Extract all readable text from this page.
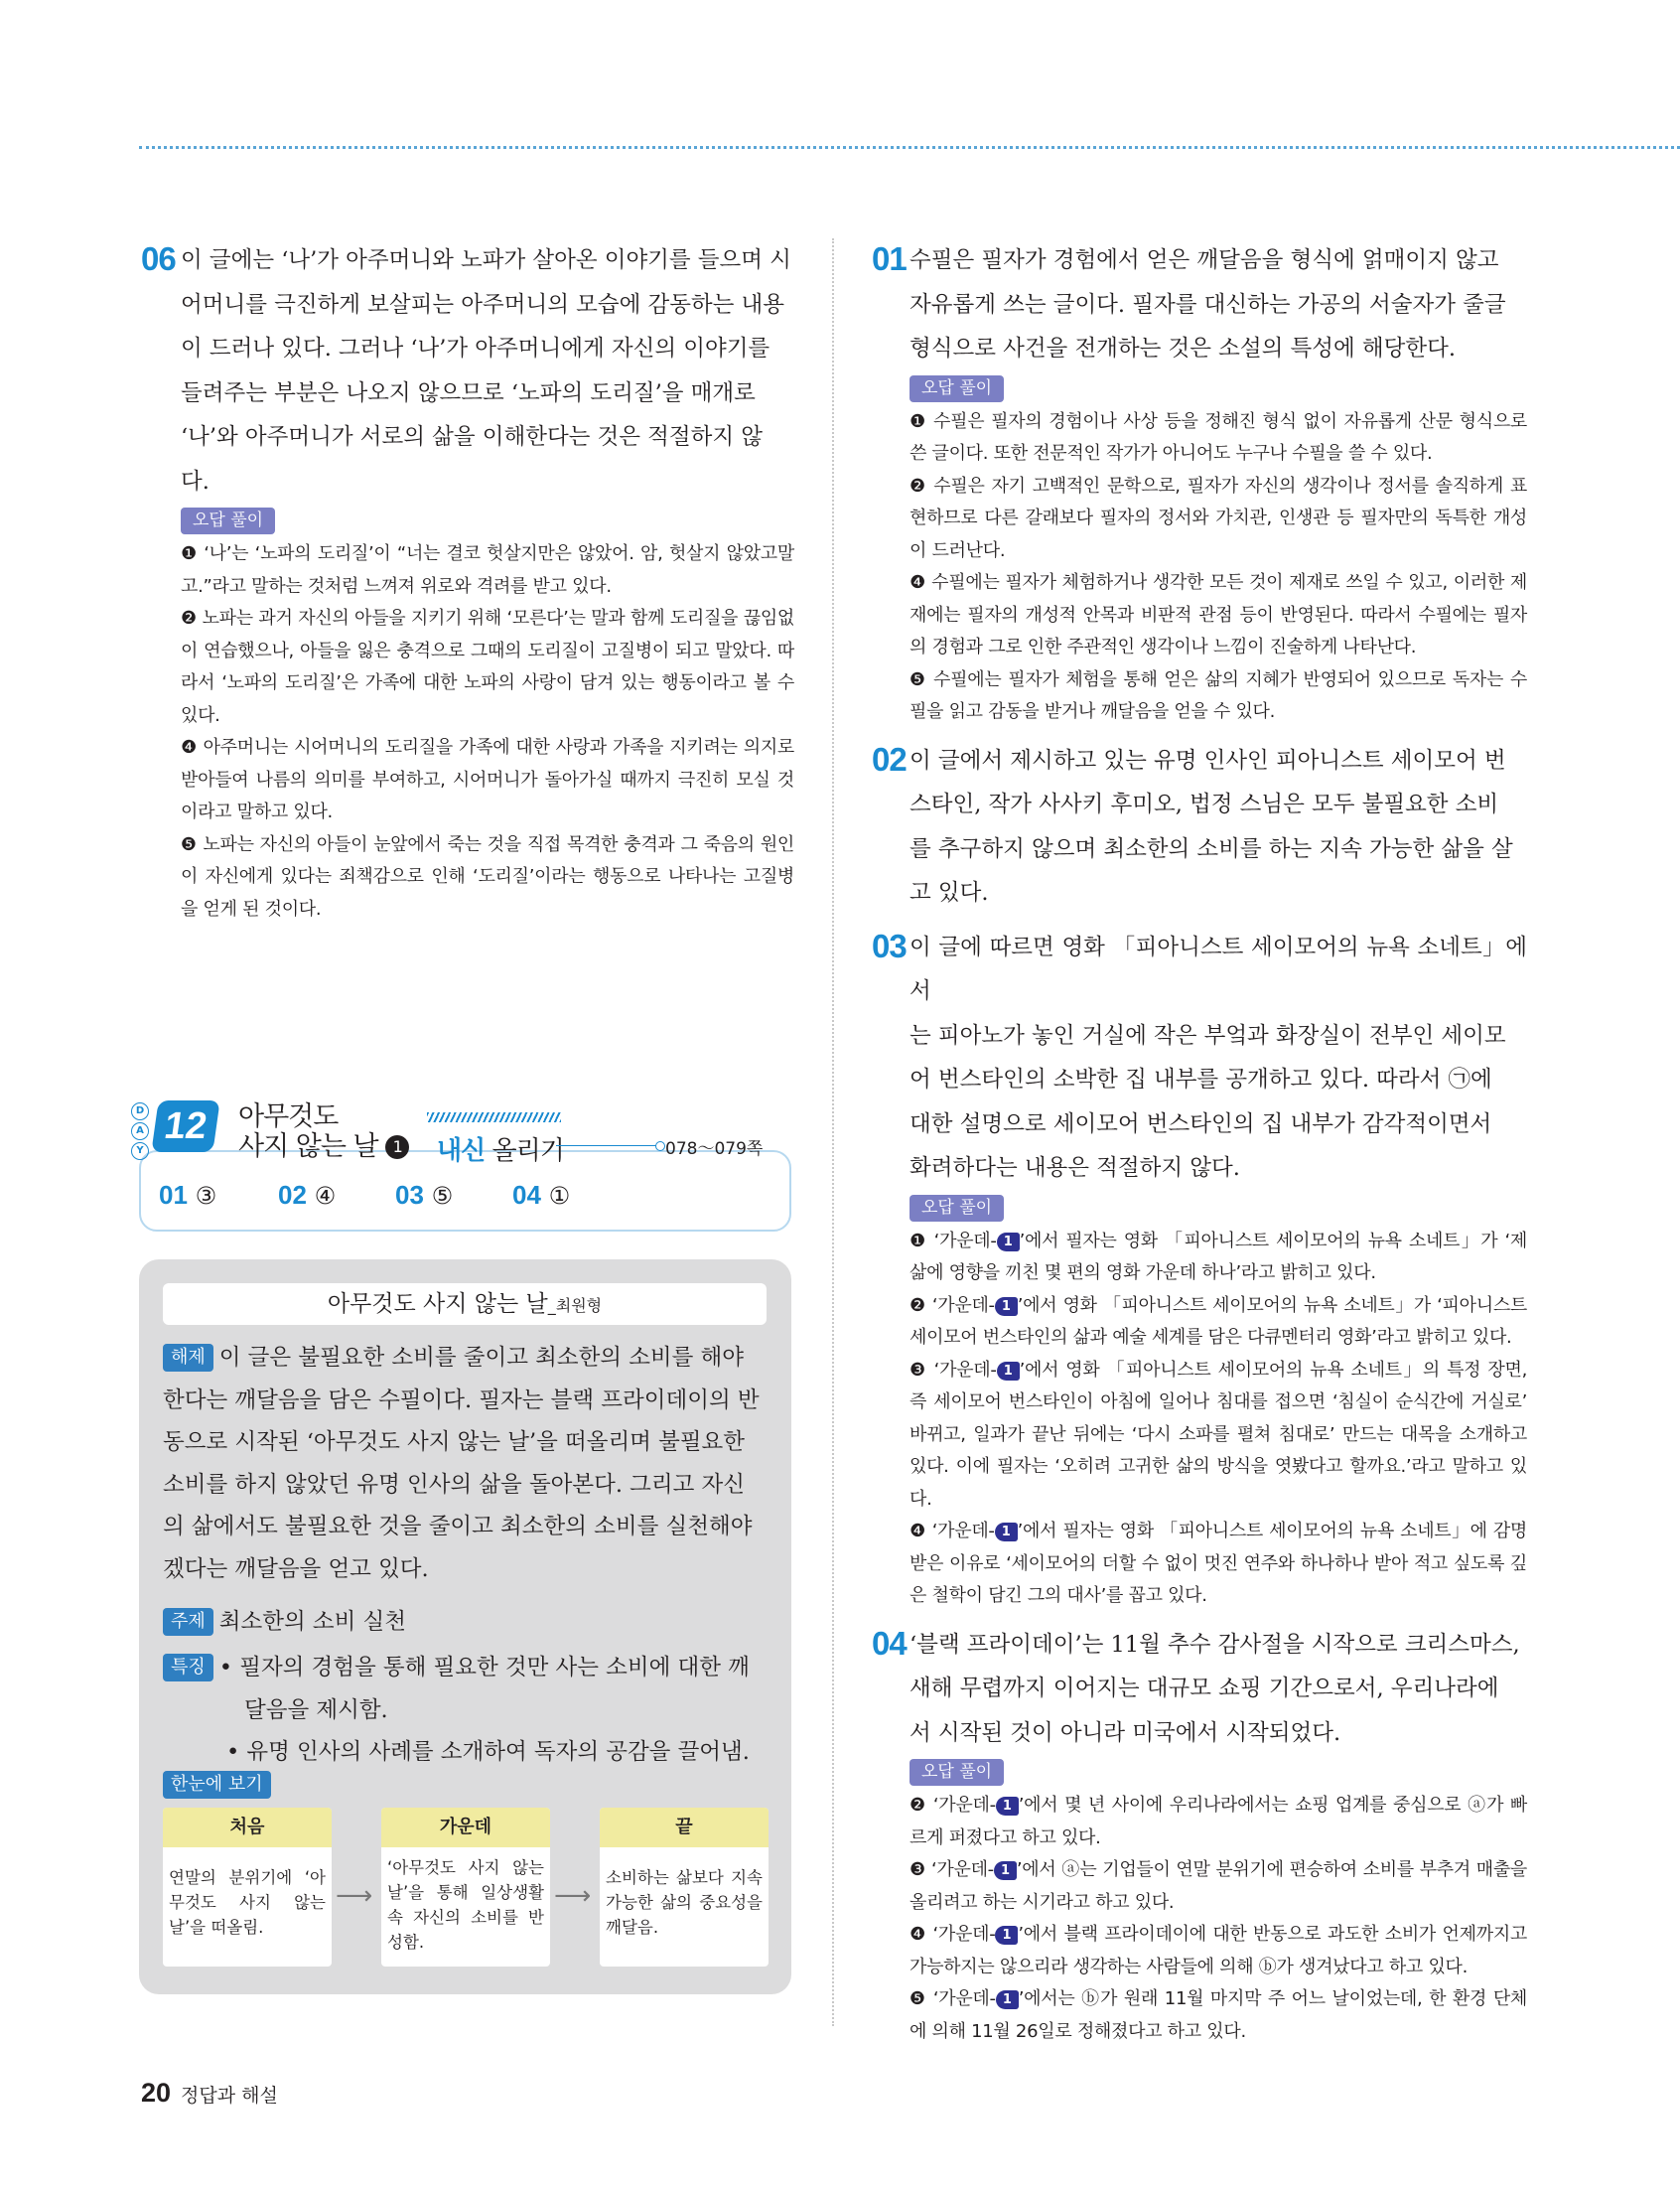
06 이 글에는 ‘나’가 아주머니와 노파가 살아온 이야기를 들으며 시
어머니를 극진하게 보살피는 아주머니의 모습에 감동하는 내용
이 드러나 있다. 그러나 ‘나’가 아주머니에게 자신의 이야기를
들려주는 부분은 나오지 않으므로 ‘노파의 도리질’을 매개로
‘나’와 아주머니가 서로의 삶을 이해한다는 것은 적절하지 않
다.
오답 풀이

❶ ‘나’는 ‘노파의 도리질’이 “너는 결코 헛살지만은 않았어. 암, 헛살지 않았고말고.”라고 말하는 것처럼 느껴져 위로와 격려를 받고 있다.

❷ 노파는 과거 자신의 아들을 지키기 위해 ‘모른다’는 말과 함께 도리질을 끊임없이 연습했으나, 아들을 잃은 충격으로 그때의 도리질이 고질병이 되고 말았다. 따라서 ‘노파의 도리질’은 가족에 대한 노파의 사랑이 담겨 있는 행동이라고 볼 수 있다.

❹ 아주머니는 시어머니의 도리질을 가족에 대한 사랑과 가족을 지키려는 의지로 받아들여 나름의 의미를 부여하고, 시어머니가 돌아가실 때까지 극진히 모실 것이라고 말하고 있다.

❺ 노파는 자신의 아들이 눈앞에서 죽는 것을 직접 목격한 충격과 그 죽음의 원인이 자신에게 있다는 죄책감으로 인해 ‘도리질’이라는 행동으로 나타나는 고질병을 얻게 된 것이다.

D
A
Y
12	아무것도
사지 않는 날 1 내신 올리기	078～079쪽
01 ③ 02 ④ 03 ⑤ 04 ①
아무것도 사지 않는 날_최원형
해제 이 글은 불필요한 소비를 줄이고 최소한의 소비를 해야
한다는 깨달음을 담은 수필이다. 필자는 블랙 프라이데이의 반
동으로 시작된 ‘아무것도 사지 않는 날’을 떠올리며 불필요한
소비를 하지 않았던 유명 인사의 삶을 돌아본다. 그리고 자신
의 삶에서도 불필요한 것을 줄이고 최소한의 소비를 실천해야
겠다는 깨달음을 얻고 있다.
주제 최소한의 소비 실천
특징 • 필자의 경험을 통해 필요한 것만 사는 소비에 대한 깨
달음을 제시함.
• 유명 인사의 사례를 소개하여 독자의 공감을 끌어냄.
한눈에 보기
처음
연말의 분위기에 ‘아무것도 사지 않는 날’을 떠올림.
⟶
가운데
‘아무것도 사지 않는 날’을 통해 일상생활 속 자신의 소비를 반성함.
⟶
끝
소비하는 삶보다 지속 가능한 삶의 중요성을 깨달음.
01 수필은 필자가 경험에서 얻은 깨달음을 형식에 얽매이지 않고
자유롭게 쓰는 글이다. 필자를 대신하는 가공의 서술자가 줄글
형식으로 사건을 전개하는 것은 소설의 특성에 해당한다.
오답 풀이

❶ 수필은 필자의 경험이나 사상 등을 정해진 형식 없이 자유롭게 산문 형식으로 쓴 글이다. 또한 전문적인 작가가 아니어도 누구나 수필을 쓸 수 있다.

❷ 수필은 자기 고백적인 문학으로, 필자가 자신의 생각이나 정서를 솔직하게 표현하므로 다른 갈래보다 필자의 정서와 가치관, 인생관 등 필자만의 독특한 개성이 드러난다.

❹ 수필에는 필자가 체험하거나 생각한 모든 것이 제재로 쓰일 수 있고, 이러한 제재에는 필자의 개성적 안목과 비판적 관점 등이 반영된다. 따라서 수필에는 필자의 경험과 그로 인한 주관적인 생각이나 느낌이 진술하게 나타난다.

❺ 수필에는 필자가 체험을 통해 얻은 삶의 지혜가 반영되어 있으므로 독자는 수필을 읽고 감동을 받거나 깨달음을 얻을 수 있다.

02 이 글에서 제시하고 있는 유명 인사인 피아니스트 세이모어 번
스타인, 작가 사사키 후미오, 법정 스님은 모두 불필요한 소비
를 추구하지 않으며 최소한의 소비를 하는 지속 가능한 삶을 살
고 있다.
03 이 글에 따르면 영화 「피아니스트 세이모어의 뉴욕 소네트」에서
는 피아노가 놓인 거실에 작은 부엌과 화장실이 전부인 세이모
어 번스타인의 소박한 집 내부를 공개하고 있다. 따라서 ㉠에
대한 설명으로 세이모어 번스타인의 집 내부가 감각적이면서
화려하다는 내용은 적절하지 않다.
오답 풀이

❶ ‘가운데- 1 ’에서 필자는 영화 「피아니스트 세이모어의 뉴욕 소네트」가 ‘제 삶에 영향을 끼친 몇 편의 영화 가운데 하나’라고 밝히고 있다.

❷ ‘가운데- 1 ’에서 영화 「피아니스트 세이모어의 뉴욕 소네트」가 ‘피아니스트 세이모어 번스타인의 삶과 예술 세계를 담은 다큐멘터리 영화’라고 밝히고 있다.

❸ ‘가운데- 1 ’에서 영화 「피아니스트 세이모어의 뉴욕 소네트」의 특정 장면, 즉 세이모어 번스타인이 아침에 일어나 침대를 접으면 ‘침실이 순식간에 거실로’ 바뀌고, 일과가 끝난 뒤에는 ‘다시 소파를 펼쳐 침대로’ 만드는 대목을 소개하고 있다. 이에 필자는 ‘오히려 고귀한 삶의 방식을 엿봤다고 할까요.’라고 말하고 있다.

❹ ‘가운데- 1 ’에서 필자는 영화 「피아니스트 세이모어의 뉴욕 소네트」에 감명받은 이유로 ‘세이모어의 더할 수 없이 멋진 연주와 하나하나 받아 적고 싶도록 깊은 철학이 담긴 그의 대사’를 꼽고 있다.

04 ‘블랙 프라이데이’는 11월 추수 감사절을 시작으로 크리스마스,
새해 무렵까지 이어지는 대규모 쇼핑 기간으로서, 우리나라에
서 시작된 것이 아니라 미국에서 시작되었다.
오답 풀이

❷ ‘가운데- 1 ’에서 몇 년 사이에 우리나라에서는 쇼핑 업계를 중심으로 ⓐ가 빠르게 퍼졌다고 하고 있다.

❸ ‘가운데- 1 ’에서 ⓐ는 기업들이 연말 분위기에 편승하여 소비를 부추겨 매출을 올리려고 하는 시기라고 하고 있다.

❹ ‘가운데- 1 ’에서 블랙 프라이데이에 대한 반동으로 과도한 소비가 언제까지고 가능하지는 않으리라 생각하는 사람들에 의해 ⓑ가 생겨났다고 하고 있다.

❺ ‘가운데- 1 ’에서는 ⓑ가 원래 11월 마지막 주 어느 날이었는데, 한 환경 단체에 의해 11월 26일로 정해졌다고 하고 있다.

20 정답과 해설
